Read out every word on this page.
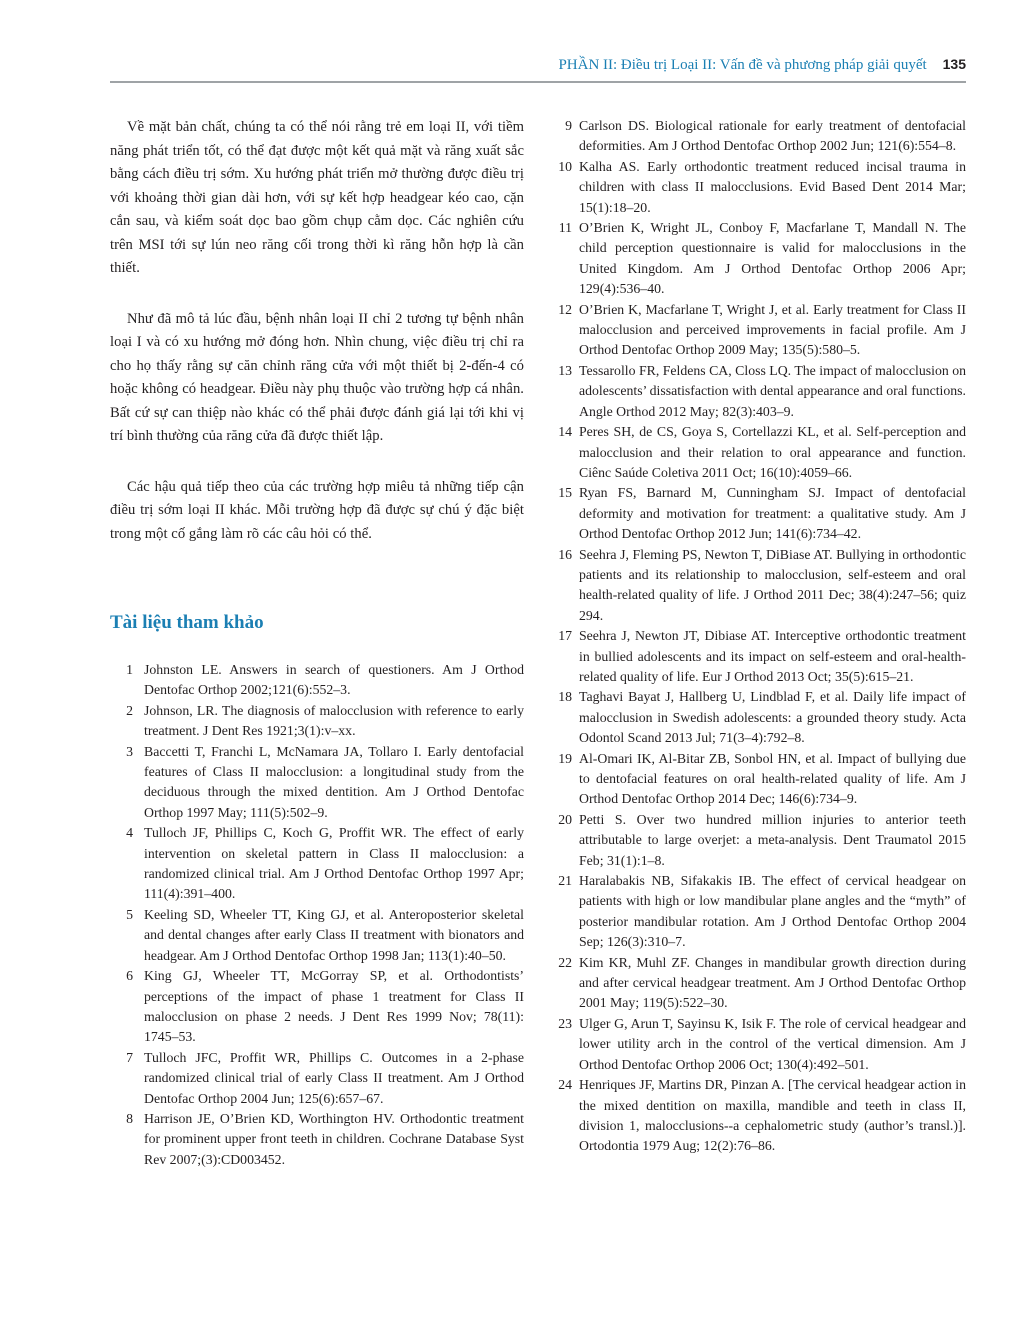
PHẦN II: Điều trị Loại II: Vấn đề và phương pháp giải quyết 135

Về mặt bản chất, chúng ta có thể nói rằng trẻ em loại II, với tiềm năng phát triển tốt, có thể đạt được một kết quả mặt và răng xuất sắc bằng cách điều trị sớm. Xu hướng phát triển mở thường được điều trị với khoảng thời gian dài hơn, với sự kết hợp headgear kéo cao, cặn cắn sau, và kiểm soát dọc bao gồm chụp cằm dọc. Các nghiên cứu trên MSI tới sự lún neo răng cối trong thời kì răng hỗn hợp là cần thiết.

Như đã mô tả lúc đầu, bệnh nhân loại II chỉ 2 tương tự bệnh nhân loại I và có xu hướng mở đóng hơn. Nhìn chung, việc điều trị chỉ ra cho họ thấy rằng sự căn chỉnh răng cửa với một thiết bị 2-đến-4 có hoặc không có headgear. Điều này phụ thuộc vào trường hợp cá nhân. Bất cứ sự can thiệp nào khác có thể phải được đánh giá lại tới khi vị trí bình thường của răng cửa đã được thiết lập.

Các hậu quả tiếp theo của các trường hợp miêu tả những tiếp cận điều trị sớm loại II khác. Mỗi trường hợp đã được sự chú ý đặc biệt trong một cố gắng làm rõ các câu hỏi có thể.

Tài liệu tham khảo
1 Johnston LE. Answers in search of questioners. Am J Orthod Dentofac Orthop 2002;121(6):552–3.
2 Johnson, LR. The diagnosis of malocclusion with reference to early treatment. J Dent Res 1921;3(1):v–xx.
3 Baccetti T, Franchi L, McNamara JA, Tollaro I. Early dentofacial features of Class II malocclusion: a longitudinal study from the deciduous through the mixed dentition. Am J Orthod Dentofac Orthop 1997 May; 111(5):502–9.
4 Tulloch JF, Phillips C, Koch G, Proffit WR. The effect of early intervention on skeletal pattern in Class II malocclusion: a randomized clinical trial. Am J Orthod Dentofac Orthop 1997 Apr; 111(4):391–400.
5 Keeling SD, Wheeler TT, King GJ, et al. Anteroposterior skeletal and dental changes after early Class II treatment with bionators and headgear. Am J Orthod Dentofac Orthop 1998 Jan; 113(1):40–50.
6 King GJ, Wheeler TT, McGorray SP, et al. Orthodontists’ perceptions of the impact of phase 1 treatment for Class II malocclusion on phase 2 needs. J Dent Res 1999 Nov; 78(11): 1745–53.
7 Tulloch JFC, Proffit WR, Phillips C. Outcomes in a 2-phase randomized clinical trial of early Class II treatment. Am J Orthod Dentofac Orthop 2004 Jun; 125(6):657–67.
8 Harrison JE, O’Brien KD, Worthington HV. Orthodontic treatment for prominent upper front teeth in children. Cochrane Database Syst Rev 2007;(3):CD003452.
9 Carlson DS. Biological rationale for early treatment of dentofacial deformities. Am J Orthod Dentofac Orthop 2002 Jun; 121(6):554–8.
10 Kalha AS. Early orthodontic treatment reduced incisal trauma in children with class II malocclusions. Evid Based Dent 2014 Mar; 15(1):18–20.
11 O’Brien K, Wright JL, Conboy F, Macfarlane T, Mandall N. The child perception questionnaire is valid for malocclusions in the United Kingdom. Am J Orthod Dentofac Orthop 2006 Apr; 129(4):536–40.
12 O’Brien K, Macfarlane T, Wright J, et al. Early treatment for Class II malocclusion and perceived improvements in facial profile. Am J Orthod Dentofac Orthop 2009 May; 135(5):580–5.
13 Tessarollo FR, Feldens CA, Closs LQ. The impact of malocclusion on adolescents’ dissatisfaction with dental appearance and oral functions. Angle Orthod 2012 May; 82(3):403–9.
14 Peres SH, de CS, Goya S, Cortellazzi KL, et al. Self-perception and malocclusion and their relation to oral appearance and function. Ciênc Saúde Coletiva 2011 Oct; 16(10):4059–66.
15 Ryan FS, Barnard M, Cunningham SJ. Impact of dentofacial deformity and motivation for treatment: a qualitative study. Am J Orthod Dentofac Orthop 2012 Jun; 141(6):734–42.
16 Seehra J, Fleming PS, Newton T, DiBiase AT. Bullying in orthodontic patients and its relationship to malocclusion, self-esteem and oral health-related quality of life. J Orthod 2011 Dec; 38(4):247–56; quiz 294.
17 Seehra J, Newton JT, Dibiase AT. Interceptive orthodontic treatment in bullied adolescents and its impact on self-esteem and oral-health-related quality of life. Eur J Orthod 2013 Oct; 35(5):615–21.
18 Taghavi Bayat J, Hallberg U, Lindblad F, et al. Daily life impact of malocclusion in Swedish adolescents: a grounded theory study. Acta Odontol Scand 2013 Jul; 71(3–4):792–8.
19 Al-Omari IK, Al-Bitar ZB, Sonbol HN, et al. Impact of bullying due to dentofacial features on oral health-related quality of life. Am J Orthod Dentofac Orthop 2014 Dec; 146(6):734–9.
20 Petti S. Over two hundred million injuries to anterior teeth attributable to large overjet: a meta-analysis. Dent Traumatol 2015 Feb; 31(1):1–8.
21 Haralabakis NB, Sifakakis IB. The effect of cervical headgear on patients with high or low mandibular plane angles and the “myth” of posterior mandibular rotation. Am J Orthod Dentofac Orthop 2004 Sep; 126(3):310–7.
22 Kim KR, Muhl ZF. Changes in mandibular growth direction during and after cervical headgear treatment. Am J Orthod Dentofac Orthop 2001 May; 119(5):522–30.
23 Ulger G, Arun T, Sayinsu K, Isik F. The role of cervical headgear and lower utility arch in the control of the vertical dimension. Am J Orthod Dentofac Orthop 2006 Oct; 130(4):492–501.
24 Henriques JF, Martins DR, Pinzan A. [The cervical headgear action in the mixed dentition on maxilla, mandible and teeth in class II, division 1, malocclusions--a cephalometric study (author’s transl.)]. Ortodontia 1979 Aug; 12(2):76–86.
